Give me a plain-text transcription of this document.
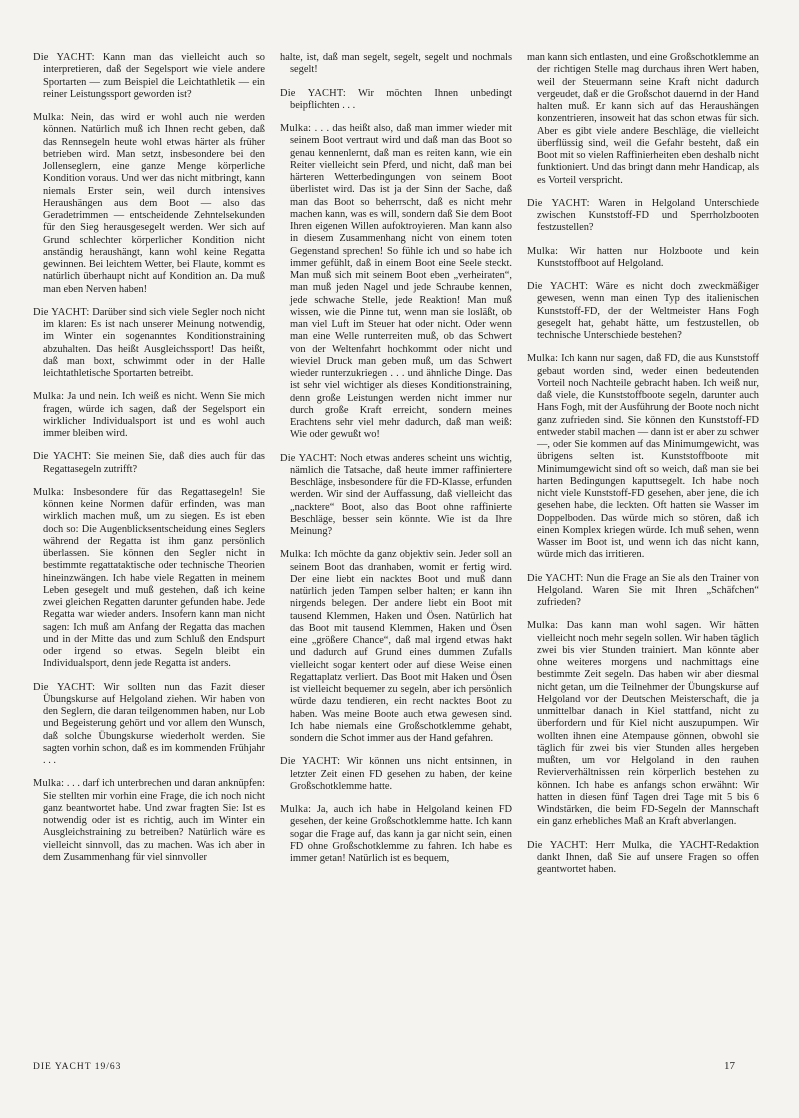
Die YACHT: Kann man das vielleicht auch so interpretieren, daß der Segelsport wie viele andere Sportarten — zum Beispiel die Leichtathletik — ein reiner Leistungssport geworden ist?

Mulka: Nein, das wird er wohl auch nie werden können. Natürlich muß ich Ihnen recht geben, daß das Rennsegeln heute wohl etwas härter als früher betrieben wird. Man setzt, insbesondere bei den Jollenseglern, eine ganze Menge körperliche Kondition voraus. Und wer das nicht mitbringt, kann niemals Erster sein, weil durch intensives Heraushängen aus dem Boot — also das Geradetrimmen — entscheidende Zehntelsekunden für den Sieg herausgesegelt werden. Wer sich auf Grund schlechter körperlicher Kondition nicht anständig heraushängt, kann wohl keine Regatta gewinnen. Bei leichtem Wetter, bei Flaute, kommt es natürlich überhaupt nicht auf Kondition an. Da muß man eben Nerven haben!

Die YACHT: Darüber sind sich viele Segler noch nicht im klaren: Es ist nach unserer Meinung notwendig, im Winter ein sogenanntes Konditionstraining abzuhalten. Das heißt Ausgleichssport! Das heißt, daß man boxt, schwimmt oder in der Halle leichtathletische Sportarten betreibt.

Mulka: Ja und nein. Ich weiß es nicht. Wenn Sie mich fragen, würde ich sagen, daß der Segelsport ein wirklicher Individualsport ist und es wohl auch immer bleiben wird.

Die YACHT: Sie meinen Sie, daß dies auch für das Regattasegeln zutrifft?

Mulka: Insbesondere für das Regattasegeln! Sie können keine Normen dafür erfinden, was man wirklich machen muß, um zu siegen. Es ist eben doch so: Die Augenblicksentscheidung eines Seglers während der Regatta ist ihm ganz persönlich überlassen. Sie können den Segler nicht in bestimmte regattataktische oder technische Theorien hineinzwängen. Ich habe viele Regatten in meinem Leben gesegelt und muß gestehen, daß ich keine zwei gleichen Regatten darunter gefunden habe. Jede Regatta war wieder anders. Insofern kann man nicht sagen: Ich muß am Anfang der Regatta das machen und in der Mitte das und zum Schluß den Endspurt oder irgend so etwas. Segeln bleibt ein Individualsport, denn jede Regatta ist anders.

Die YACHT: Wir sollten nun das Fazit dieser Übungskurse auf Helgoland ziehen. Wir haben von den Seglern, die daran teilgenommen haben, nur Lob und Begeisterung gehört und vor allem den Wunsch, daß solche Übungskurse wiederholt werden. Sie sagten vorhin schon, daß es im kommenden Frühjahr . . .

Mulka: . . . darf ich unterbrechen und daran anknüpfen: Sie stellten mir vorhin eine Frage, die ich noch nicht ganz beantwortet habe. Und zwar fragten Sie: Ist es notwendig oder ist es richtig, auch im Winter ein Ausgleichstraining zu betreiben? Natürlich wäre es vielleicht sinnvoll, das zu machen. Was ich aber in dem Zusammenhang für viel sinnvoller

halte, ist, daß man segelt, segelt, segelt und nochmals segelt!

Die YACHT: Wir möchten Ihnen unbedingt beipflichten . . .

Mulka: . . . das heißt also, daß man immer wieder mit seinem Boot vertraut wird und daß man das Boot so genau kennenlernt, daß man es reiten kann, wie ein Reiter vielleicht sein Pferd, und nicht, daß man bei härteren Wetterbedingungen von seinem Boot überlistet wird. Das ist ja der Sinn der Sache, daß man das Boot so beherrscht, daß es nicht mehr machen kann, was es will, sondern daß Sie dem Boot Ihren eigenen Willen aufoktroyieren. Man kann also in diesem Zusammenhang nicht von einem toten Gegenstand sprechen! So fühle ich und so habe ich immer gefühlt, daß in einem Boot eine Seele steckt. Man muß sich mit seinem Boot eben „verheiraten“, man muß jeden Nagel und jede Schraube kennen, jede schwache Stelle, jede Reaktion! Man muß wissen, wie die Pinne tut, wenn man sie losläßt, ob man viel Luft im Steuer hat oder nicht. Oder wenn man eine Welle runterreiten muß, ob das Schwert von der Weltenfahrt hochkommt oder nicht und wieviel Druck man geben muß, um das Schwert wieder runterzukriegen . . . und ähnliche Dinge. Das ist sehr viel wichtiger als dieses Konditionstraining, denn große Leistungen werden nicht immer nur durch große Kraft erreicht, sondern meines Erachtens sehr viel mehr dadurch, daß man weiß: Wie oder gewußt wo!

Die YACHT: Noch etwas anderes scheint uns wichtig, nämlich die Tatsache, daß heute immer raffiniertere Beschläge, insbesondere für die FD-Klasse, erfunden werden. Wir sind der Auffassung, daß vielleicht das „nacktere“ Boot, also das Boot ohne raffinierte Beschläge, besser sein könnte. Wie ist da Ihre Meinung?

Mulka: Ich möchte da ganz objektiv sein. Jeder soll an seinem Boot das dranhaben, womit er fertig wird. Der eine liebt ein nacktes Boot und muß dann natürlich jeden Tampen selber halten; er kann ihn nirgends belegen. Der andere liebt ein Boot mit tausend Klemmen, Haken und Ösen. Natürlich hat das Boot mit tausend Klemmen, Haken und Ösen eine „größere Chance“, daß mal irgend etwas hakt und dadurch auf Grund eines dummen Zufalls vielleicht sogar kentert oder auf diese Weise einen Regattaplatz verliert. Das Boot mit Haken und Ösen ist vielleicht bequemer zu segeln, aber ich persönlich würde dazu tendieren, ein recht nacktes Boot zu haben. Was meine Boote auch etwa gewesen sind. Ich habe niemals eine Großschotklemme gehabt, sondern die Schot immer aus der Hand gefahren.

Die YACHT: Wir können uns nicht entsinnen, in letzter Zeit einen FD gesehen zu haben, der keine Großschotklemme hatte.

Mulka: Ja, auch ich habe in Helgoland keinen FD gesehen, der keine Großschotklemme hatte. Ich kann sogar die Frage auf, das kann ja gar nicht sein, einen FD ohne Großschotklemme zu fahren. Ich habe es immer getan! Natürlich ist es bequem,

man kann sich entlasten, und eine Großschotklemme an der richtigen Stelle mag durchaus ihren Wert haben, weil der Steuermann seine Kraft nicht dadurch vergeudet, daß er die Großschot dauernd in der Hand halten muß. Er kann sich auf das Heraushängen konzentrieren, insoweit hat das schon etwas für sich. Aber es gibt viele andere Beschläge, die vielleicht überflüssig sind, weil die Gefahr besteht, daß ein Boot mit so vielen Raffinierheiten eben deshalb nicht funktioniert. Und das bringt dann mehr Handicap, als es Vorteil verspricht.

Die YACHT: Waren in Helgoland Unterschiede zwischen Kunststoff-FD und Sperrholzbooten festzustellen?

Mulka: Wir hatten nur Holzboote und kein Kunststoffboot auf Helgoland.

Die YACHT: Wäre es nicht doch zweckmäßiger gewesen, wenn man einen Typ des italienischen Kunststoff-FD, der der Weltmeister Hans Fogh gesegelt hat, gehabt hätte, um festzustellen, ob technische Unterschiede bestehen?

Mulka: Ich kann nur sagen, daß FD, die aus Kunststoff gebaut worden sind, weder einen bedeutenden Vorteil noch Nachteile gebracht haben. Ich weiß nur, daß viele, die Kunststoffboote segeln, darunter auch Hans Fogh, mit der Ausführung der Boote noch nicht ganz zufrieden sind. Sie können den Kunststoff-FD entweder stabil machen — dann ist er aber zu schwer —, oder Sie kommen auf das Minimumgewicht, was übrigens selten ist. Kunststoffboote mit Minimumgewicht sind oft so weich, daß man sie bei harten Bedingungen kaputtsegelt. Ich habe noch nicht viele Kunststoff-FD gesehen, aber jene, die ich gesehen habe, die leckten. Oft hatten sie Wasser im Doppelboden. Das würde mich so stören, daß ich einen Komplex kriegen würde. Ich muß sehen, wenn Wasser im Boot ist, und wenn ich das nicht kann, würde mich das irritieren.

Die YACHT: Nun die Frage an Sie als den Trainer von Helgoland. Waren Sie mit Ihren „Schäfchen“ zufrieden?

Mulka: Das kann man wohl sagen. Wir hätten vielleicht noch mehr segeln sollen. Wir haben täglich zwei bis vier Stunden trainiert. Man könnte aber ohne weiteres morgens und nachmittags eine bestimmte Zeit segeln. Das haben wir aber diesmal nicht getan, um die Teilnehmer der Übungskurse auf Helgoland vor der Deutschen Meisterschaft, die ja unmittelbar danach in Kiel stattfand, nicht zu überfordern und für Kiel nicht auszupumpen. Wir wollten ihnen eine Atempause gönnen, obwohl sie täglich für zwei bis vier Stunden alles hergeben mußten, um vor Helgoland in den rauhen Revierverhältnissen rein körperlich bestehen zu können. Ich habe es anfangs schon erwähnt: Wir hatten in diesen fünf Tagen drei Tage mit 5 bis 6 Windstärken, die beim FD-Segeln der Mannschaft ein ganz erhebliches Maß an Kraft abverlangen.

Die YACHT: Herr Mulka, die YACHT-Redaktion dankt Ihnen, daß Sie auf unsere Fragen so offen geantwortet haben.

DIE YACHT 19/63	17
